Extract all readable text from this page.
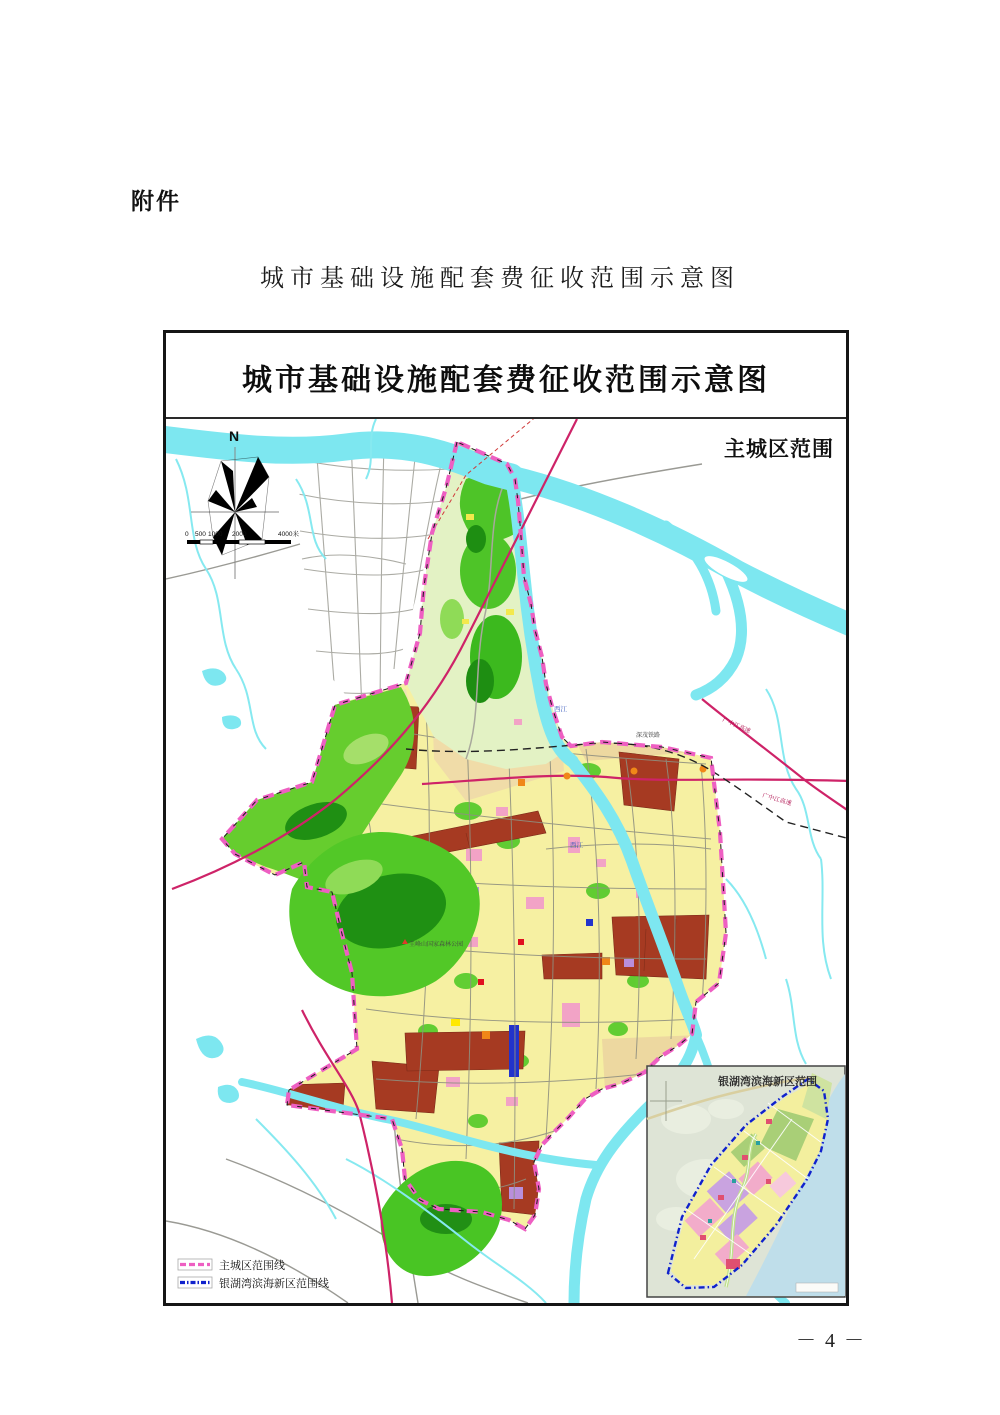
附件
城市基础设施配套费征收范围示意图
城市基础设施配套费征收范围示意图
主城区范围
西江
西江
圭峰山国家森林公园
广中江高速
广中江高速
深茂铁路
N
0 500 1000 2000	4000米
银湖湾滨海新区范围
主城区范围线
银湖湾滨海新区范围线
－ 4 －
